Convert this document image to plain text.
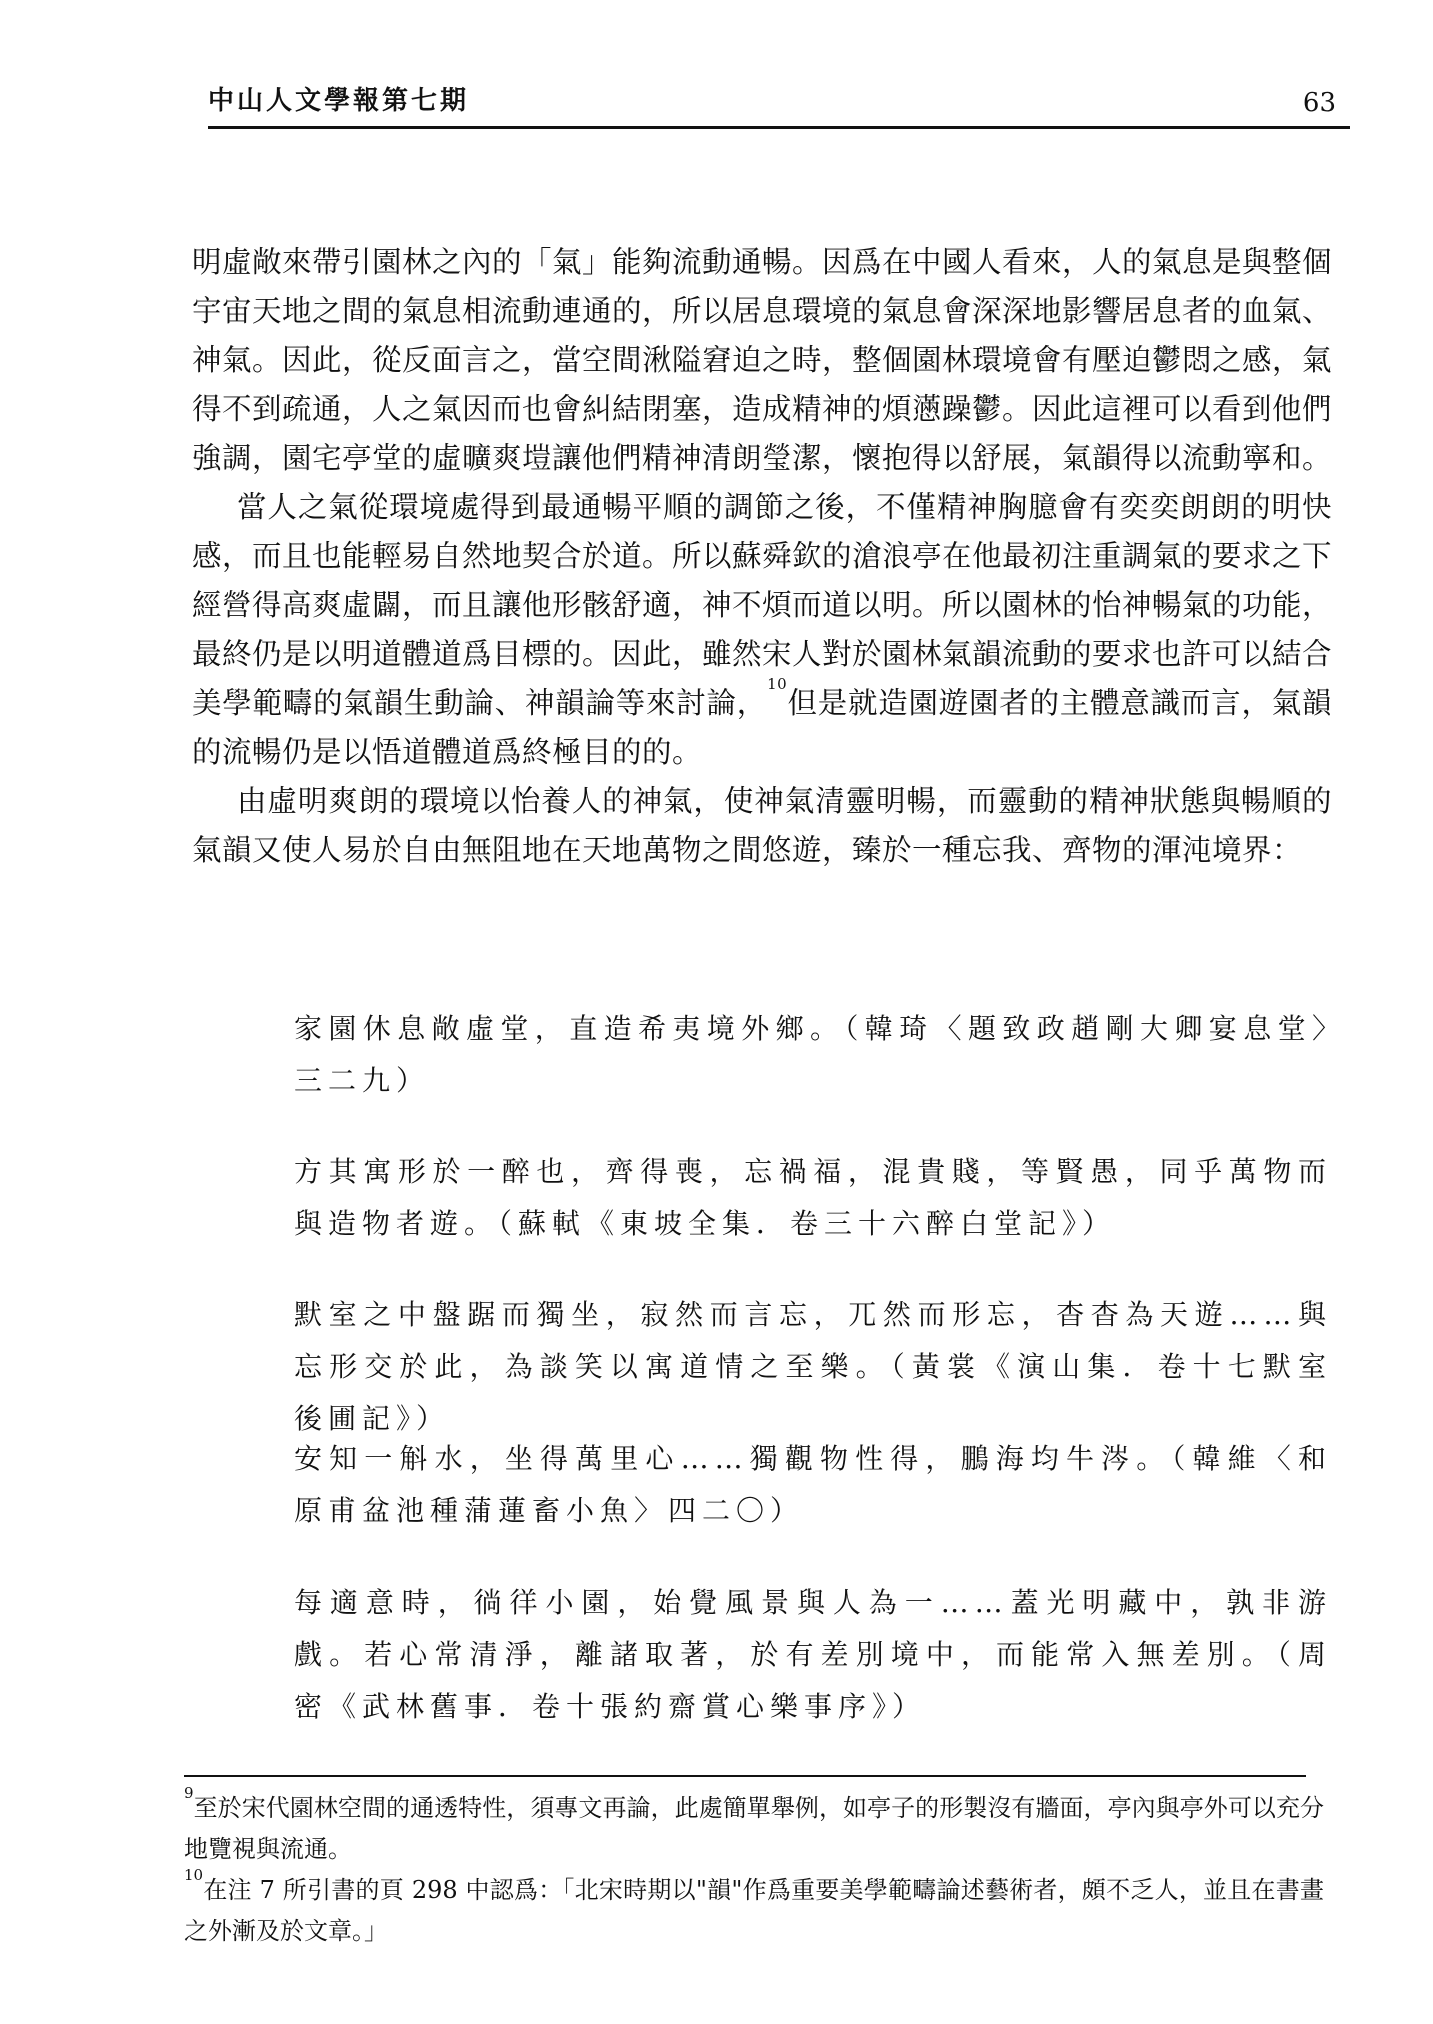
中山人文學報第七期	63

明虛敞來帶引園林之內的「氣」能夠流動通暢。因爲在中國人看來，人的氣息是與整個宇宙天地之間的氣息相流動連通的，所以居息環境的氣息會深深地影響居息者的血氣、神氣。因此，從反面言之，當空間湫隘窘迫之時，整個園林環境會有壓迫鬱悶之感，氣得不到疏通，人之氣因而也會糾結閉塞，造成精神的煩懣躁鬱。因此這裡可以看到他們強調，園宅亭堂的虛曠爽塏讓他們精神清朗瑩潔，懷抱得以舒展，氣韻得以流動寧和。

當人之氣從環境處得到最通暢平順的調節之後，不僅精神胸臆會有奕奕朗朗的明快感，而且也能輕易自然地契合於道。所以蘇舜欽的滄浪亭在他最初注重調氣的要求之下經營得高爽虛闢，而且讓他形骸舒適，神不煩而道以明。所以園林的怡神暢氣的功能，最終仍是以明道體道爲目標的。因此，雖然宋人對於園林氣韻流動的要求也許可以結合美學範疇的氣韻生動論、神韻論等來討論，$^{10}$但是就造園遊園者的主體意識而言，氣韻的流暢仍是以悟道體道爲終極目的的。

由虛明爽朗的環境以怡養人的神氣，使神氣清靈明暢，而靈動的精神狀態與暢順的氣韻又使人易於自由無阻地在天地萬物之間悠遊，臻於一種忘我、齊物的渾沌境界：

家園休息敞虛堂，直造希夷境外鄉。（韓琦〈題致政趙剛大卿宴息堂〉三二九）

方其寓形於一醉也，齊得喪，忘禍福，混貴賤，等賢愚，同乎萬物而與造物者遊。（蘇軾《東坡全集．卷三十六醉白堂記》）

默室之中盤踞而獨坐，寂然而言忘，兀然而形忘，杳杳為天遊……與忘形交於此，為談笑以寓道情之至樂。（黃裳《演山集．卷十七默室後圃記》）

安知一斛水，坐得萬里心……獨觀物性得，鵬海均牛涔。（韓維〈和原甫盆池種蒲蓮畜小魚〉四二〇）

每適意時，徜徉小園，始覺風景與人為一……蓋光明藏中，孰非游戲。若心常清淨，離諸取著，於有差別境中，而能常入無差別。（周密《武林舊事．卷十張約齋賞心樂事序》）

$^9$至於宋代園林空間的通透特性，須專文再論，此處簡單舉例，如亭子的形製沒有牆面，亭內與亭外可以充分地覽視與流通。

$^{10}$在注 7 所引書的頁 298 中認爲：「北宋時期以"韻"作爲重要美學範疇論述藝術者，頗不乏人，並且在書畫之外漸及於文章。」
